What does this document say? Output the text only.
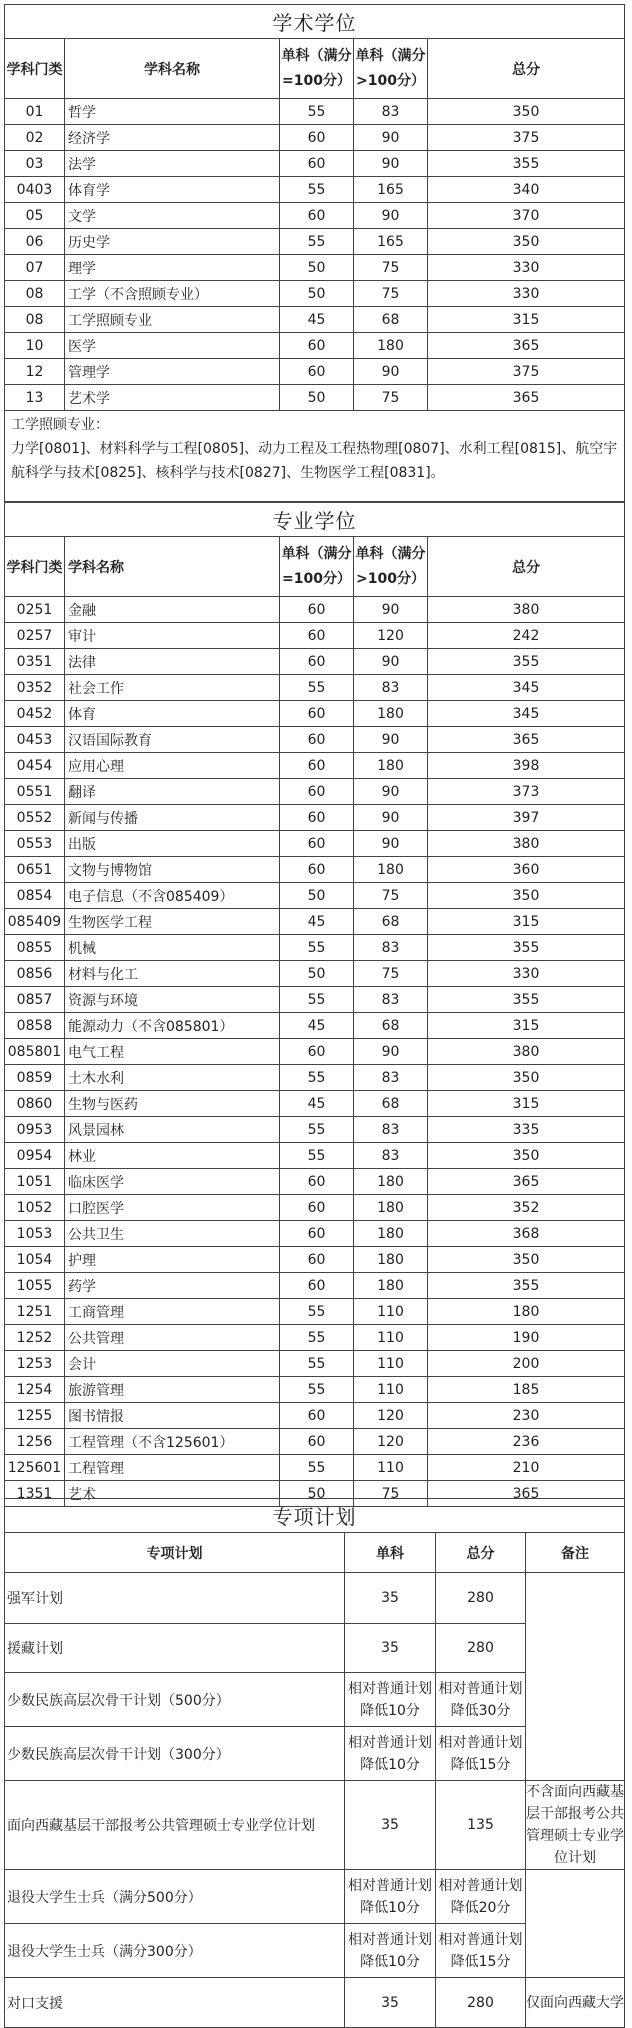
学术学位				
学科门类	学科名称	单科（满分=100分）	单科（满分>100分）	总分
01	哲学	55	83	350
02	经济学	60	90	375
03	法学	60	90	355
0403	体育学	55	165	340
05	文学	60	90	370
06	历史学	55	165	350
07	理学	50	75	330
08	工学（不含照顾专业）	50	75	330
08	工学照顾专业	45	68	315
10	医学	60	180	365
12	管理学	60	90	375
13	艺术学	50	75	365

工学照顾专业：

力学[0801]、材料科学与工程[0805]、动力工程及工程热物理[0807]、水利工程[0815]、航空宇航科学与技术[0825]、核科学与技术[0827]、生物医学工程[0831]。				

专业学位				
学科门类	学科名称	单科（满分=100分）	单科（满分>100分）	总分
0251	金融	60	90	380
0257	审计	60	120	242
0351	法律	60	90	355
0352	社会工作	55	83	345
0452	体育	60	180	345
0453	汉语国际教育	60	90	365
0454	应用心理	60	180	398
0551	翻译	60	90	373
0552	新闻与传播	60	90	397
0553	出版	60	90	380
0651	文物与博物馆	60	180	360
0854	电子信息（不含085409）	50	75	350
085409	生物医学工程	45	68	315
0855	机械	55	83	355
0856	材料与化工	50	75	330
0857	资源与环境	55	83	355
0858	能源动力（不含085801）	45	68	315
085801	电气工程	60	90	380
0859	土木水利	55	83	350
0860	生物与医药	45	68	315
0953	风景园林	55	83	335
0954	林业	55	83	350
1051	临床医学	60	180	365
1052	口腔医学	60	180	352
1053	公共卫生	60	180	368
1054	护理	60	180	350
1055	药学	60	180	355
1251	工商管理	55	110	180
1252	公共管理	55	110	190
1253	会计	55	110	200
1254	旅游管理	55	110	185
1255	图书情报	60	120	230
1256	工程管理（不含125601）	60	120	236
125601	工程管理	55	110	210
1351	艺术	50	75	365
专项计划			
专项计划	单科	总分	备注
强军计划	35	280	
援藏计划	35	280	
少数民族高层次骨干计划（500分）	相对普通计划降低10分	相对普通计划降低30分	
少数民族高层次骨干计划（300分）	相对普通计划降低10分	相对普通计划降低15分	
面向西藏基层干部报考公共管理硕士专业学位计划	35	135	不含面向西藏基层干部报考公共管理硕士专业学位计划
退役大学生士兵（满分500分）	相对普通计划降低10分	相对普通计划降低20分	
退役大学生士兵（满分300分）	相对普通计划降低10分	相对普通计划降低15分	
对口支援	35	280	仅面向西藏大学
